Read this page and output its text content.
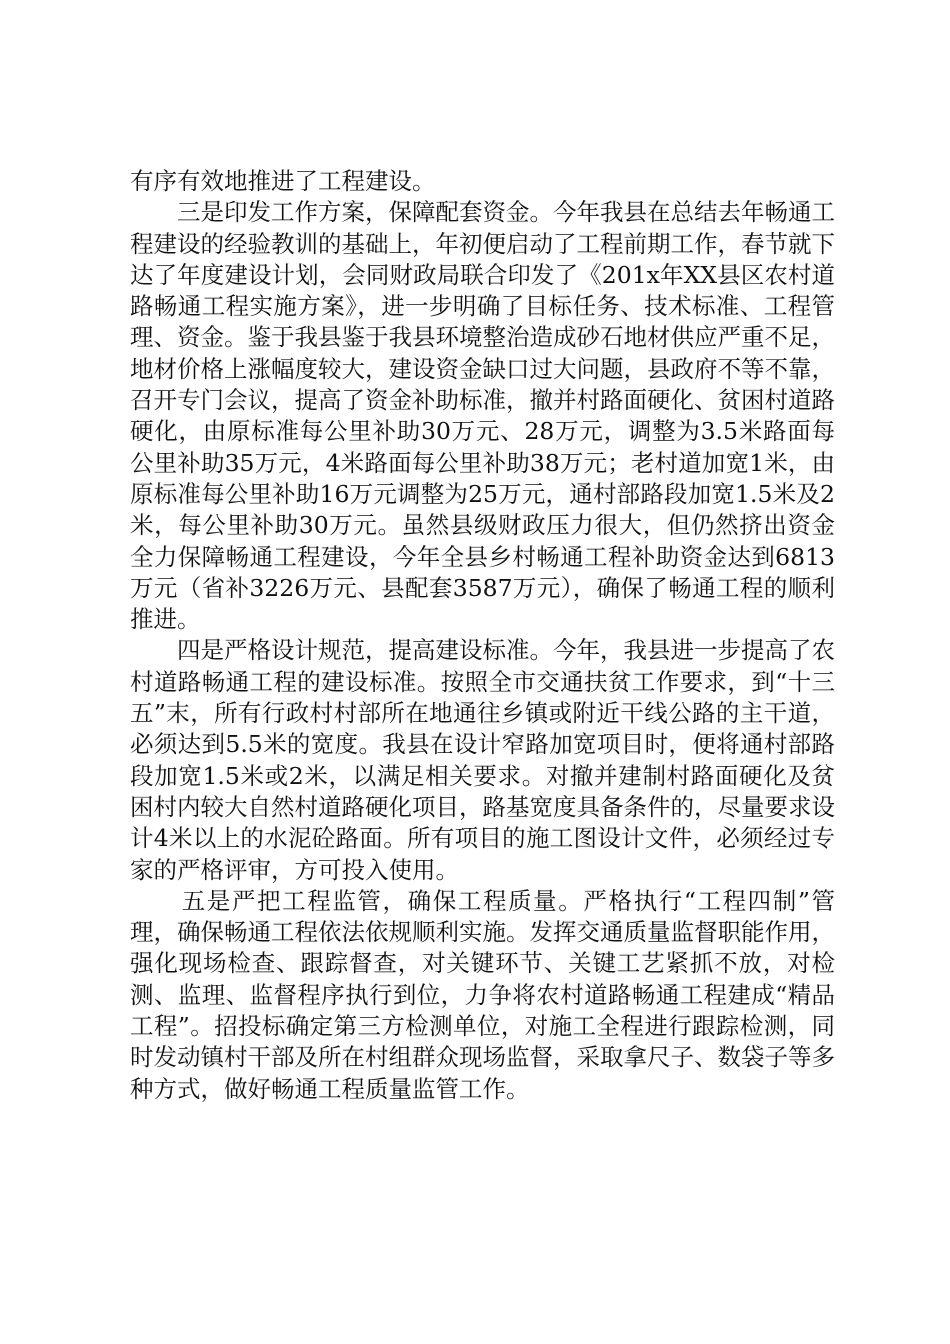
有序有效地推进了工程建设。

三是印发工作方案，保障配套资金。今年我县在总结去年畅通工程建设的经验教训的基础上，年初便启动了工程前期工作，春节就下达了年度建设计划，会同财政局联合印发了《201x年XX县区农村道路畅通工程实施方案》，进一步明确了目标任务、技术标准、工程管理、资金。鉴于我县鉴于我县环境整治造成砂石地材供应严重不足，地材价格上涨幅度较大，建设资金缺口过大问题，县政府不等不靠，召开专门会议，提高了资金补助标准，撤并村路面硬化、贫困村道路硬化，由原标准每公里补助30万元、28万元，调整为3.5米路面每公里补助35万元，4米路面每公里补助38万元；老村道加宽1米，由原标准每公里补助16万元调整为25万元，通村部路段加宽1.5米及2米，每公里补助30万元。虽然县级财政压力很大，但仍然挤出资金全力保障畅通工程建设，今年全县乡村畅通工程补助资金达到6813万元（省补3226万元、县配套3587万元），确保了畅通工程的顺利推进。

四是严格设计规范，提高建设标准。今年，我县进一步提高了农村道路畅通工程的建设标准。按照全市交通扶贫工作要求，到“十三五”末，所有行政村村部所在地通往乡镇或附近干线公路的主干道，必须达到5.5米的宽度。我县在设计窄路加宽项目时，便将通村部路段加宽1.5米或2米，以满足相关要求。对撤并建制村路面硬化及贫困村内较大自然村道路硬化项目，路基宽度具备条件的，尽量要求设计4米以上的水泥砼路面。所有项目的施工图设计文件，必须经过专家的严格评审，方可投入使用。

五是严把工程监管，确保工程质量。严格执行“工程四制”管理，确保畅通工程依法依规顺利实施。发挥交通质量监督职能作用，强化现场检查、跟踪督查，对关键环节、关键工艺紧抓不放，对检测、监理、监督程序执行到位，力争将农村道路畅通工程建成“精品工程”。招投标确定第三方检测单位，对施工全程进行跟踪检测，同时发动镇村干部及所在村组群众现场监督，采取拿尺子、数袋子等多种方式，做好畅通工程质量监管工作。
